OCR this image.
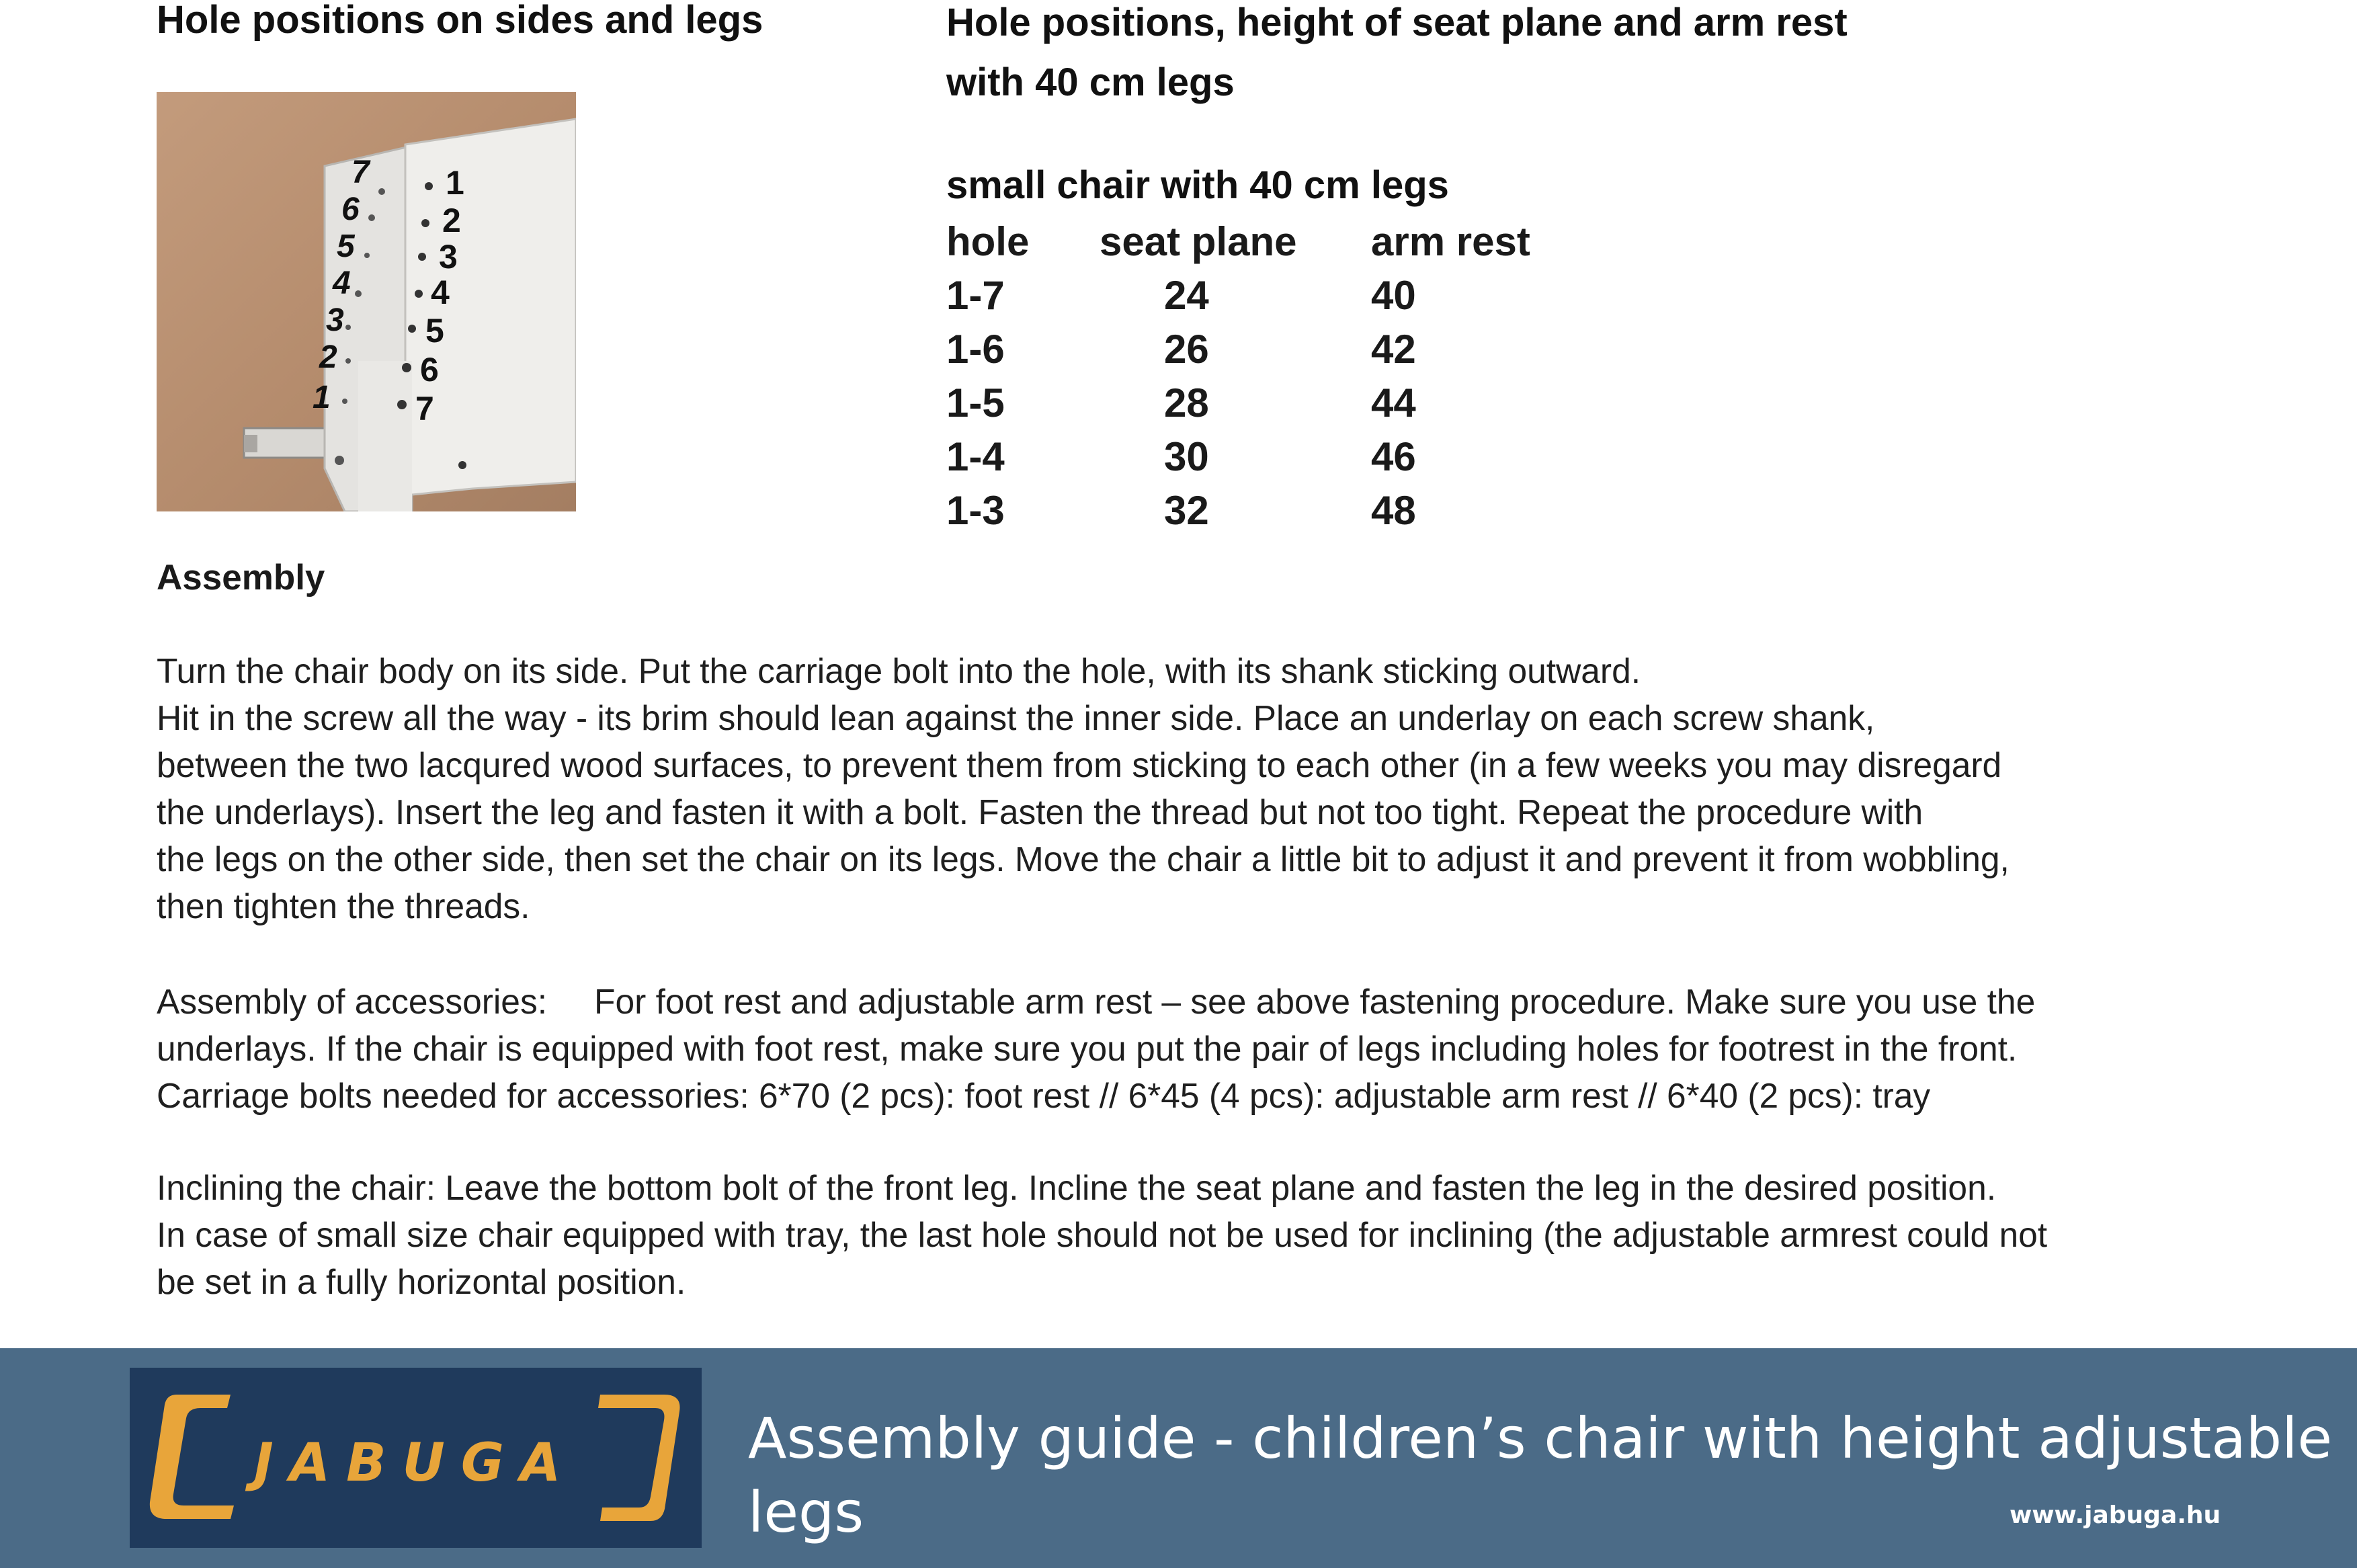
Hole positions on sides and legs
7
6
5
4
3
2
1
1
2
3
4
5
6
7
Hole positions, height of seat plane and arm rest
with 40 cm legs
small chair with 40 cm legs
hole	seat plane	arm rest
1-7	24	40
1-6	26	42
1-5	28	44
1-4	30	46
1-3	32	48
Assembly

Turn the chair body on its side. Put the carriage bolt into the hole, with its shank sticking outward.

Hit in the screw all the way - its brim should lean against the inner side. Place an underlay on each screw shank,

between the two lacqured wood surfaces, to prevent them from sticking to each other (in a few weeks you may disregard

the underlays). Insert the leg and fasten it with a bolt. Fasten the thread but not too tight. Repeat the procedure with

the legs on the other side, then set the chair on its legs. Move the chair a little bit to adjust it and prevent it from wobbling,

then tighten the threads.

Assembly of accessories: For foot rest and adjustable arm rest – see above fastening procedure. Make sure you use the

underlays. If the chair is equipped with foot rest, make sure you put the pair of legs including holes for footrest in the front.

Carriage bolts needed for accessories: 6*70 (2 pcs): foot rest // 6*45 (4 pcs): adjustable arm rest // 6*40 (2 pcs): tray

Inclining the chair: Leave the bottom bolt of the front leg. Incline the seat plane and fasten the leg in the desired position.

In case of small size chair equipped with tray, the last hole should not be used for inclining (the adjustable armrest could not

be set in a fully horizontal position.

JABUGA	Assembly guide - children’s chair with height adjustable legs	www.jabuga.hu
